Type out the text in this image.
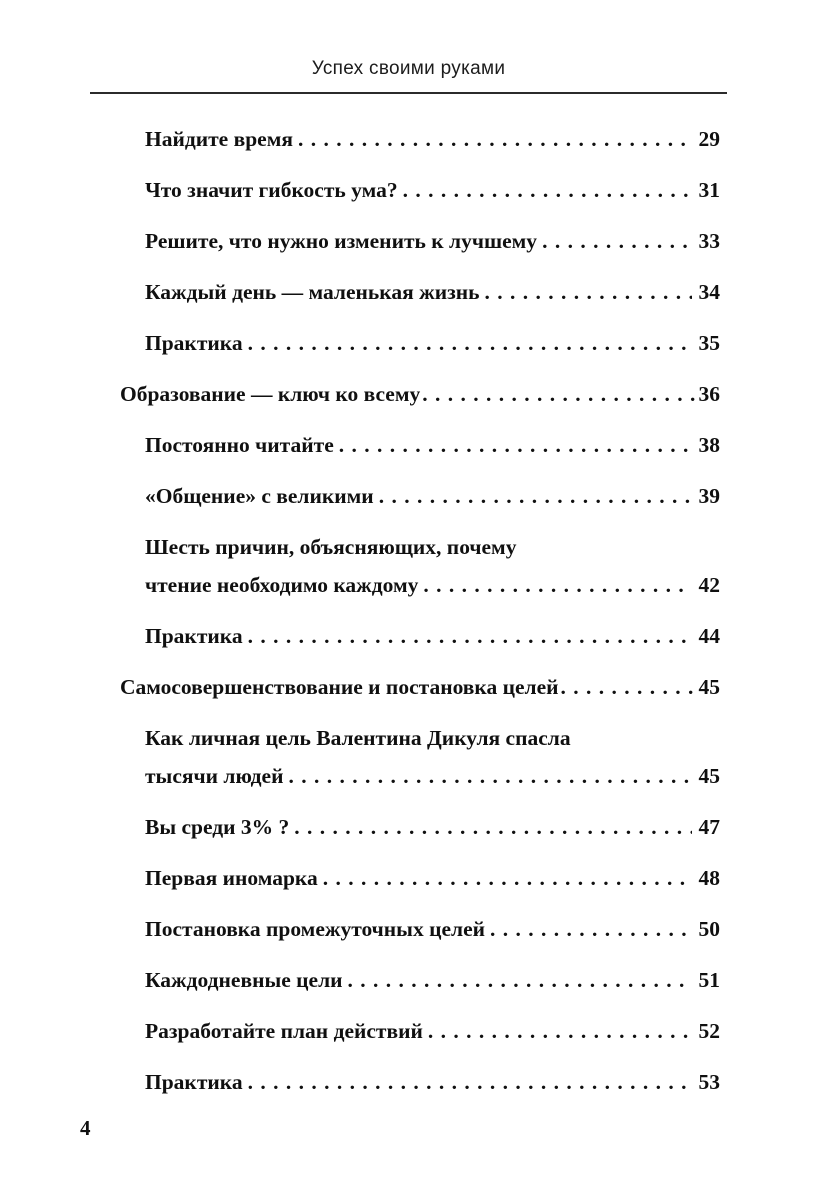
Успех своими руками
Найдите время . . .	29
Что значит гибкость ума? . . .	31
Решите, что нужно изменить к лучшему . . .	33
Каждый день — маленькая жизнь . . .	34
Практика . . .	35
Образование — ключ ко всему . . .	36
Постоянно читайте . . .	38
«Общение» с великими . . .	39
Шесть причин, объясняющих, почему
чтение необходимо каждому . . .	42
Практика . . .	44
Самосовершенствование и постановка целей . . .	45
Как личная цель Валентина Дикуля спасла
тысячи людей . . .	45
Вы среди 3% ? . . .	47
Первая иномарка . . .	48
Постановка промежуточных целей . . .	50
Каждодневные цели . . .	51
Разработайте план действий . . .	52
Практика . . .	53
4
